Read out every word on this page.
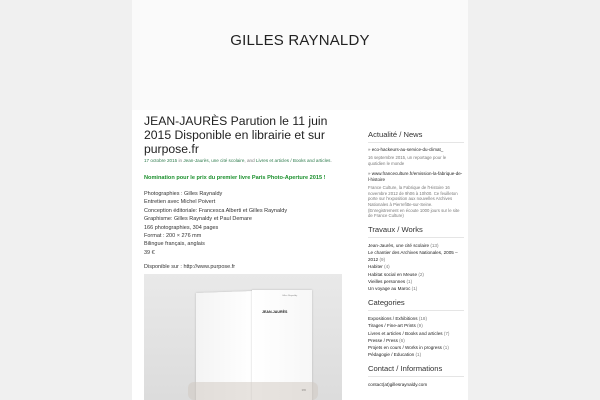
GILLES RAYNALDY
JEAN-JAURÈS Parution le 11 juin 2015 Disponible en librairie et sur purpose.fr
17 octobre 2015 in Jean-Jaurès, une cité scolaire, and Livres et articles / Books and articles.
Nomination pour le prix du premier livre Paris Photo-Aperture 2015 !
Photographies : Gilles Raynaldy
Entretien avec Michel Poivert
Conception éditoriale: Francesca Alberti et Gilles Raynaldy
Graphisme: Gilles Raynaldy et Paul Demare
166 photographies, 304 pages
Format : 200 × 276 mm
Bilingue français, anglais
39 €
Disponible sur : http://www.purpose.fr
Gilles Raynaldy
JEAN-JAURÈS
Actualité / News
» eco-hackeurs-au-service-du-climat_
16 septembre 2015, un reportage pour le quotidien le monde
» www.franceculture.fr/emission-la-fabrique-de-l-histoire
France Culture, la Fabrique de l'Histoire 16 novembre 2012 de 9h06 à 10h00. Ce feuilleton porte sur l'exposition aux nouvelles Archives Nationales à Pierrefitte-sur-Seine. (Enregistrement en écoute 1000 jours sur le site de France Culture)
Travaux / Works
Jean-Jaurès, une cité scolaire (13)
Le chantier des Archives Nationales, 2005 – 2012 (9)
Habiter (4)
Habitat social en Meuse (2)
Vieilles personnes (1)
Un voyage au Maroc (1)
Categories
Expositions / Exhibitions (18)
Tirages / Fine-art Prints (9)
Livres et articles / Books and articles (7)
Presse / Press (6)
Projets en cours / Works in progress (1)
Pédagogie / Education (1)
Contact / Informations
contact(at)gillesraynaldy.com
